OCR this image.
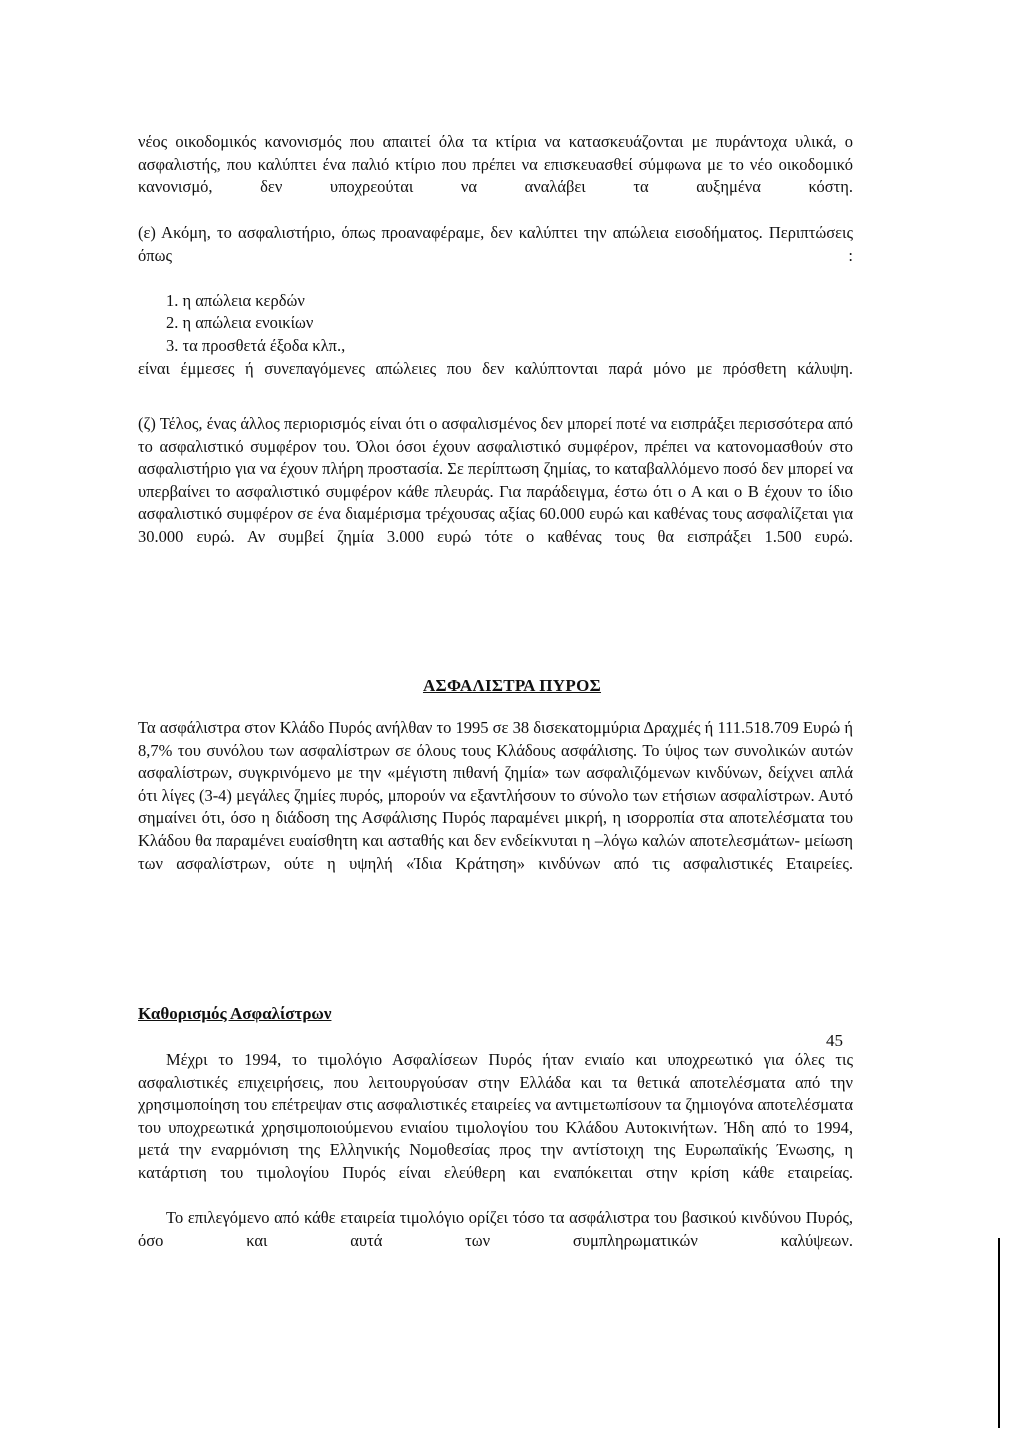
νέος οικοδομικός κανονισμός που απαιτεί όλα τα κτίρια να κατασκευάζονται με πυράντοχα υλικά, ο ασφαλιστής, που καλύπτει ένα παλιό κτίριο που πρέπει να επισκευασθεί σύμφωνα με το νέο οικοδομικό κανονισμό, δεν υποχρεούται να αναλάβει τα αυξημένα κόστη.

(ε) Ακόμη, το ασφαλιστήριο, όπως προαναφέραμε, δεν καλύπτει την απώλεια εισοδήματος. Περιπτώσεις όπως :

1. η απώλεια κερδών
2. η απώλεια ενοικίων
3. τα προσθετά έξοδα κλπ.,

είναι έμμεσες ή συνεπαγόμενες απώλειες που δεν καλύπτονται παρά μόνο με πρόσθετη κάλυψη.

(ζ) Τέλος, ένας άλλος περιορισμός είναι ότι ο ασφαλισμένος δεν μπορεί ποτέ να εισπράξει περισσότερα από το ασφαλιστικό συμφέρον του. Όλοι όσοι έχουν ασφαλιστικό συμφέρον, πρέπει να κατονομασθούν στο ασφαλιστήριο για να έχουν πλήρη προστασία. Σε περίπτωση ζημίας, το καταβαλλόμενο ποσό δεν μπορεί να υπερβαίνει το ασφαλιστικό συμφέρον κάθε πλευράς. Για παράδειγμα, έστω ότι ο Α και ο Β έχουν το ίδιο ασφαλιστικό συμφέρον σε ένα διαμέρισμα τρέχουσας αξίας 60.000 ευρώ και καθένας τους ασφαλίζεται για 30.000 ευρώ. Αν συμβεί ζημία 3.000 ευρώ τότε ο καθένας τους θα εισπράξει 1.500 ευρώ.

ΑΣΦΑΛΙΣΤΡΑ ΠΥΡΟΣ

Τα ασφάλιστρα στον Κλάδο Πυρός ανήλθαν το 1995 σε 38 δισεκατομμύρια Δραχμές ή 111.518.709 Ευρώ ή 8,7% του συνόλου των ασφαλίστρων σε όλους τους Κλάδους ασφάλισης. Το ύψος των συνολικών αυτών ασφαλίστρων, συγκρινόμενο με την «μέγιστη πιθανή ζημία» των ασφαλιζόμενων κινδύνων, δείχνει απλά ότι λίγες (3-4) μεγάλες ζημίες πυρός, μπορούν να εξαντλήσουν το σύνολο των ετήσιων ασφαλίστρων. Αυτό σημαίνει ότι, όσο η διάδοση της Ασφάλισης Πυρός παραμένει μικρή, η ισορροπία στα αποτελέσματα του Κλάδου θα παραμένει ευαίσθητη και ασταθής και δεν ενδείκνυται η –λόγω καλών αποτελεσμάτων- μείωση των ασφαλίστρων, ούτε η υψηλή «Ίδια Κράτηση» κινδύνων από τις ασφαλιστικές Εταιρείες.

Καθορισμός Ασφαλίστρων

Μέχρι το 1994, το τιμολόγιο Ασφαλίσεων Πυρός ήταν ενιαίο και υποχρεωτικό για όλες τις ασφαλιστικές επιχειρήσεις, που λειτουργούσαν στην Ελλάδα και τα θετικά αποτελέσματα από την χρησιμοποίηση του επέτρεψαν στις ασφαλιστικές εταιρείες να αντιμετωπίσουν τα ζημιογόνα αποτελέσματα του υποχρεωτικά χρησιμοποιούμενου ενιαίου τιμολογίου του Κλάδου Αυτοκινήτων. Ήδη από το 1994, μετά την εναρμόνιση της Ελληνικής Νομοθεσίας προς την αντίστοιχη της Ευρωπαϊκής Ένωσης, η κατάρτιση του τιμολογίου Πυρός είναι ελεύθερη και εναπόκειται στην κρίση κάθε εταιρείας.

Το επιλεγόμενο από κάθε εταιρεία τιμολόγιο ορίζει τόσο τα ασφάλιστρα του βασικού κινδύνου Πυρός, όσο και αυτά των συμπληρωματικών καλύψεων.

45
